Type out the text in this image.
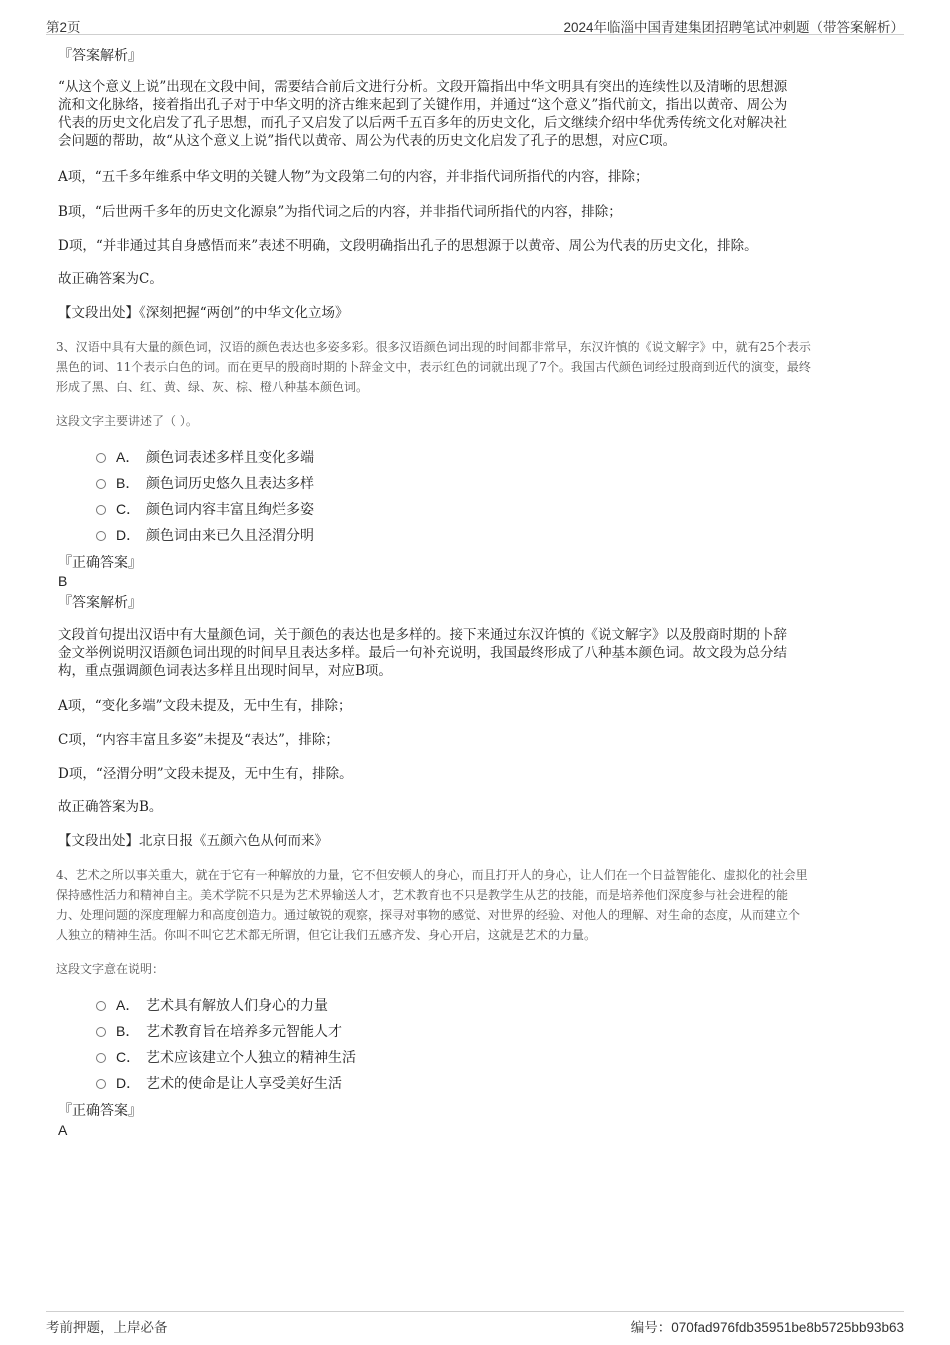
第2页	2024年临淄中国青建集团招聘笔试冲刺题（带答案解析）
『答案解析』
“从这个意义上说”出现在文段中间，需要结合前后文进行分析。文段开篇指出中华文明具有突出的连续性以及清晰的思想源
流和文化脉络，接着指出孔子对于中华文明的济古维来起到了关键作用，并通过“这个意义”指代前文，指出以黄帝、周公为
代表的历史文化启发了孔子思想，而孔子又启发了以后两千五百多年的历史文化，后文继续介绍中华优秀传统文化对解决社
会问题的帮助，故“从这个意义上说”指代以黄帝、周公为代表的历史文化启发了孔子的思想，对应C项。
A项，“五千多年维系中华文明的关键人物”为文段第二句的内容，并非指代词所指代的内容，排除；
B项，“后世两千多年的历史文化源泉”为指代词之后的内容，并非指代词所指代的内容，排除；
D项，“并非通过其自身感悟而来”表述不明确，文段明确指出孔子的思想源于以黄帝、周公为代表的历史文化，排除。
故正确答案为C。
【文段出处】《深刻把握“两创”的中华文化立场》
3、汉语中具有大量的颜色词，汉语的颜色表达也多姿多彩。很多汉语颜色词出现的时间都非常早，东汉许慎的《说文解字》中，就有25个表示
黑色的词、11个表示白色的词。而在更早的殷商时期的卜辞金文中，表示红色的词就出现了7个。我国古代颜色词经过殷商到近代的演变，最终
形成了黑、白、红、黄、绿、灰、棕、橙八种基本颜色词。
这段文字主要讲述了（ ）。
A． 颜色词表述多样且变化多端
B． 颜色词历史悠久且表达多样
C． 颜色词内容丰富且绚烂多姿
D． 颜色词由来已久且泾渭分明
『正确答案』
B
『答案解析』
文段首句提出汉语中有大量颜色词，关于颜色的表达也是多样的。接下来通过东汉许慎的《说文解字》以及殷商时期的卜辞
金文举例说明汉语颜色词出现的时间早且表达多样。最后一句补充说明，我国最终形成了八种基本颜色词。故文段为总分结
构，重点强调颜色词表达多样且出现时间早，对应B项。
A项，“变化多端”文段未提及，无中生有，排除；
C项，“内容丰富且多姿”未提及“表达”，排除；
D项，“泾渭分明”文段未提及，无中生有，排除。
故正确答案为B。
【文段出处】北京日报《五颜六色从何而来》
4、艺术之所以事关重大，就在于它有一种解放的力量，它不但安顿人的身心，而且打开人的身心，让人们在一个日益智能化、虚拟化的社会里
保持感性活力和精神自主。美术学院不只是为艺术界输送人才，艺术教育也不只是教学生从艺的技能，而是培养他们深度参与社会进程的能
力、处理问题的深度理解力和高度创造力。通过敏锐的观察，探寻对事物的感觉、对世界的经验、对他人的理解、对生命的态度，从而建立个
人独立的精神生活。你叫不叫它艺术都无所谓，但它让我们五感齐发、身心开启，这就是艺术的力量。
这段文字意在说明：
A． 艺术具有解放人们身心的力量
B． 艺术教育旨在培养多元智能人才
C． 艺术应该建立个人独立的精神生活
D． 艺术的使命是让人享受美好生活
『正确答案』
A
考前押题，上岸必备	编号：070fad976fdb35951be8b5725bb93b63
